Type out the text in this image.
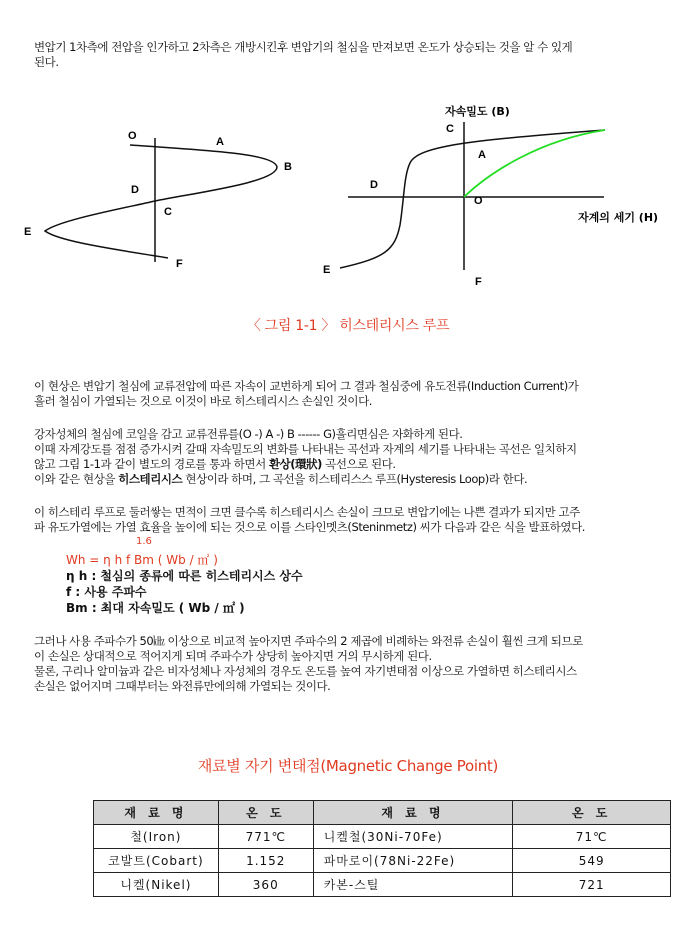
변압기 1차측에 전압을 인가하고 2차측은 개방시킨후 변압기의 철심을 만져보면 온도가 상승되는 것을 알 수 있게
된다.
O	A
B
D
C
E
F
자속밀도 (B)
자계의 세기 (H)
C
A
D
O
E
F
〈 그림 1-1 〉 히스테리시스 루프
이 현상은 변압기 철심에 교류전압에 따른 자속이 교번하게 되어 그 결과 철심중에 유도전류(Induction Current)가
흘러 철심이 가열되는 것으로 이것이 바로 히스테리시스 손실인 것이다.
강자성체의 철심에 코일을 감고 교류전류를(O -) A -) B ------ G)흘리면심은 자화하게 된다.
이때 자계강도를 점점 증가시켜 갈때 자속밀도의 변화를 나타내는 곡선과 자계의 세기를 나타내는 곡선은 일치하지
않고 그림 1-1과 같이 별도의 경로를 통과 하면서 환상(環狀) 곡선으로 된다.
이와 같은 현상을 히스테리시스 현상이라 하며, 그 곡선을 히스테리스스 루프(Hysteresis Loop)라 한다.
이 히스테리 루프로 둘러쌓는 면적이 크면 클수록 히스테리시스 손실이 크므로 변압기에는 나쁜 결과가 되지만 고주
파 유도가열에는 가열 효율을 높이에 되는 것으로 이를 스타인멧츠(Steninmetz) 씨가 다음과 같은 식을 발표하였다.
$^{1.6}$
Wh = η h f Bm ( Wb / ㎡ )
η h : 철심의 종류에 따른 히스테리시스 상수
f : 사용 주파수
Bm : 최대 자속밀도 ( Wb / ㎡ )
그러나 사용 주파수가 50㎑ 이상으로 비교적 높아지면 주파수의 2 제곱에 비례하는 와전류 손실이 훨씬 크게 되므로
이 손실은 상대적으로 적어지게 되며 주파수가 상당히 높아지면 거의 무시하게 된다.
물론, 구리나 알미늄과 같은 비자성체나 자성체의 경우도 온도를 높여 자기변태점 이상으로 가열하면 히스테리시스
손실은 없어지며 그때부터는 와전류만에의해 가열되는 것이다.
재료별 자기 변태점(Magnetic Change Point)
재 료 명	온 도	재 료 명	온 도
철(Iron)	771℃	니켈철(30Ni-70Fe)	71℃
코발트(Cobart)	1.152	파마로이(78Ni-22Fe)	549
니켈(Nikel)	360	카본-스틸	721
